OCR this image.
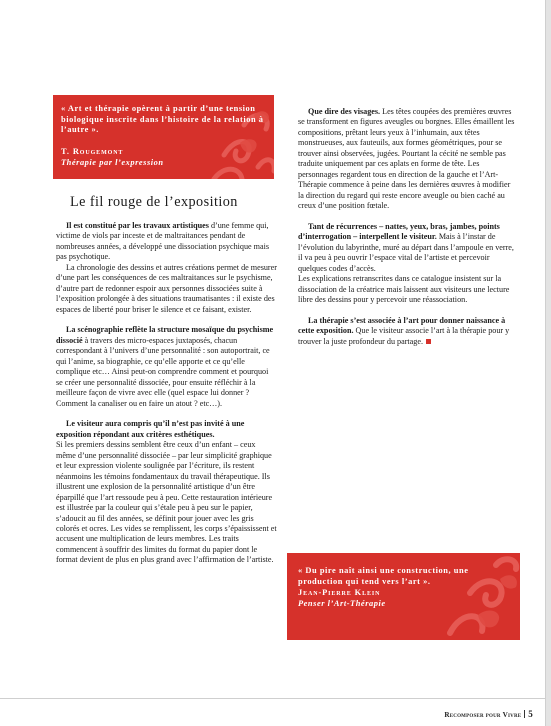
« Art et thérapie opèrent à partir d’une tension biologique inscrite dans l’histoire de la relation à l’autre ».
T. Rougemont
Thérapie par l’expression
Le fil rouge de l’exposition

Il est constitué par les travaux artistiques d’une femme qui, victime de viols par inceste et de maltraitances pendant de nombreuses années, a développé une dissociation psychique mais pas psychotique.

La chronologie des dessins et autres créations permet de mesurer d’une part les conséquences de ces maltraitances sur le psychisme, d’autre part de redonner espoir aux personnes dissociées suite à l’exposition prolongée à des situations traumatisantes : il existe des espaces de liberté pour briser le silence et ce faisant, exister.

La scénographie reflète la structure mosaïque du psychisme dissocié à travers des micro-espaces juxtaposés, chacun correspondant à l’univers d’une personnalité : son autoportrait, ce qui l’anime, sa biographie, ce qu’elle apporte et ce qu’elle complique etc… Ainsi peut-on comprendre comment et pourquoi se créer une personnalité dissociée, pour ensuite réfléchir à la meilleure façon de vivre avec elle (quel espace lui donner ? Comment la canaliser ou en faire un atout ? etc…).

Le visiteur aura compris qu’il n’est pas invité à une exposition répondant aux critères esthétiques.

Si les premiers dessins semblent être ceux d’un enfant – ceux même d’une personnalité dissociée – par leur simplicité graphique et leur expression violente soulignée par l’écriture, ils restent néanmoins les témoins fondamentaux du travail thérapeutique. Ils illustrent une explosion de la personnalité artistique d’un être éparpillé que l’art ressoude peu à peu. Cette restauration intérieure est illustrée par la couleur qui s’étale peu à peu sur le papier, s’adoucit au fil des années, se définit pour jouer avec les gris colorés et ocres. Les vides se remplissent, les corps s’épaississent et accusent une multiplication de leurs membres. Les traits commencent à souffrir des limites du format du papier dont le format devient de plus en plus grand avec l’affirmation de l’artiste.

Que dire des visages. Les têtes coupées des premières œuvres se transforment en figures aveugles ou borgnes. Elles émaillent les compositions, prêtant leurs yeux à l’inhumain, aux têtes monstrueuses, aux fauteuils, aux formes géométriques, pour se trouver ainsi observées, jugées. Pourtant la cécité ne semble pas traduite uniquement par ces aplats en forme de tête. Les personnages regardent tous en direction de la gauche et l’Art-Thérapie commence à peine dans les dernières œuvres à modifier la direction du regard qui reste encore aveugle ou bien caché au creux d’une position fœtale.

Tant de récurrences – nattes, yeux, bras, jambes, points d’interrogation – interpellent le visiteur. Mais à l’instar de l’évolution du labyrinthe, muré au départ dans l’ampoule en verre, il va peu à peu ouvrir l’espace vital de l’artiste et percevoir quelques codes d’accès.

Les explications retranscrites dans ce catalogue insistent sur la dissociation de la créatrice mais laissent aux visiteurs une lecture libre des dessins pour y percevoir une réassociation.

La thérapie s’est associée à l’art pour donner naissance à cette exposition. Que le visiteur associe l’art à la thérapie pour y trouver la juste profondeur du partage.

« Du pire naît ainsi une construction, une production qui tend vers l’art ».
Jean-Pierre Klein
Penser l’Art-Thérapie
Recomposer pour Vivre 5
